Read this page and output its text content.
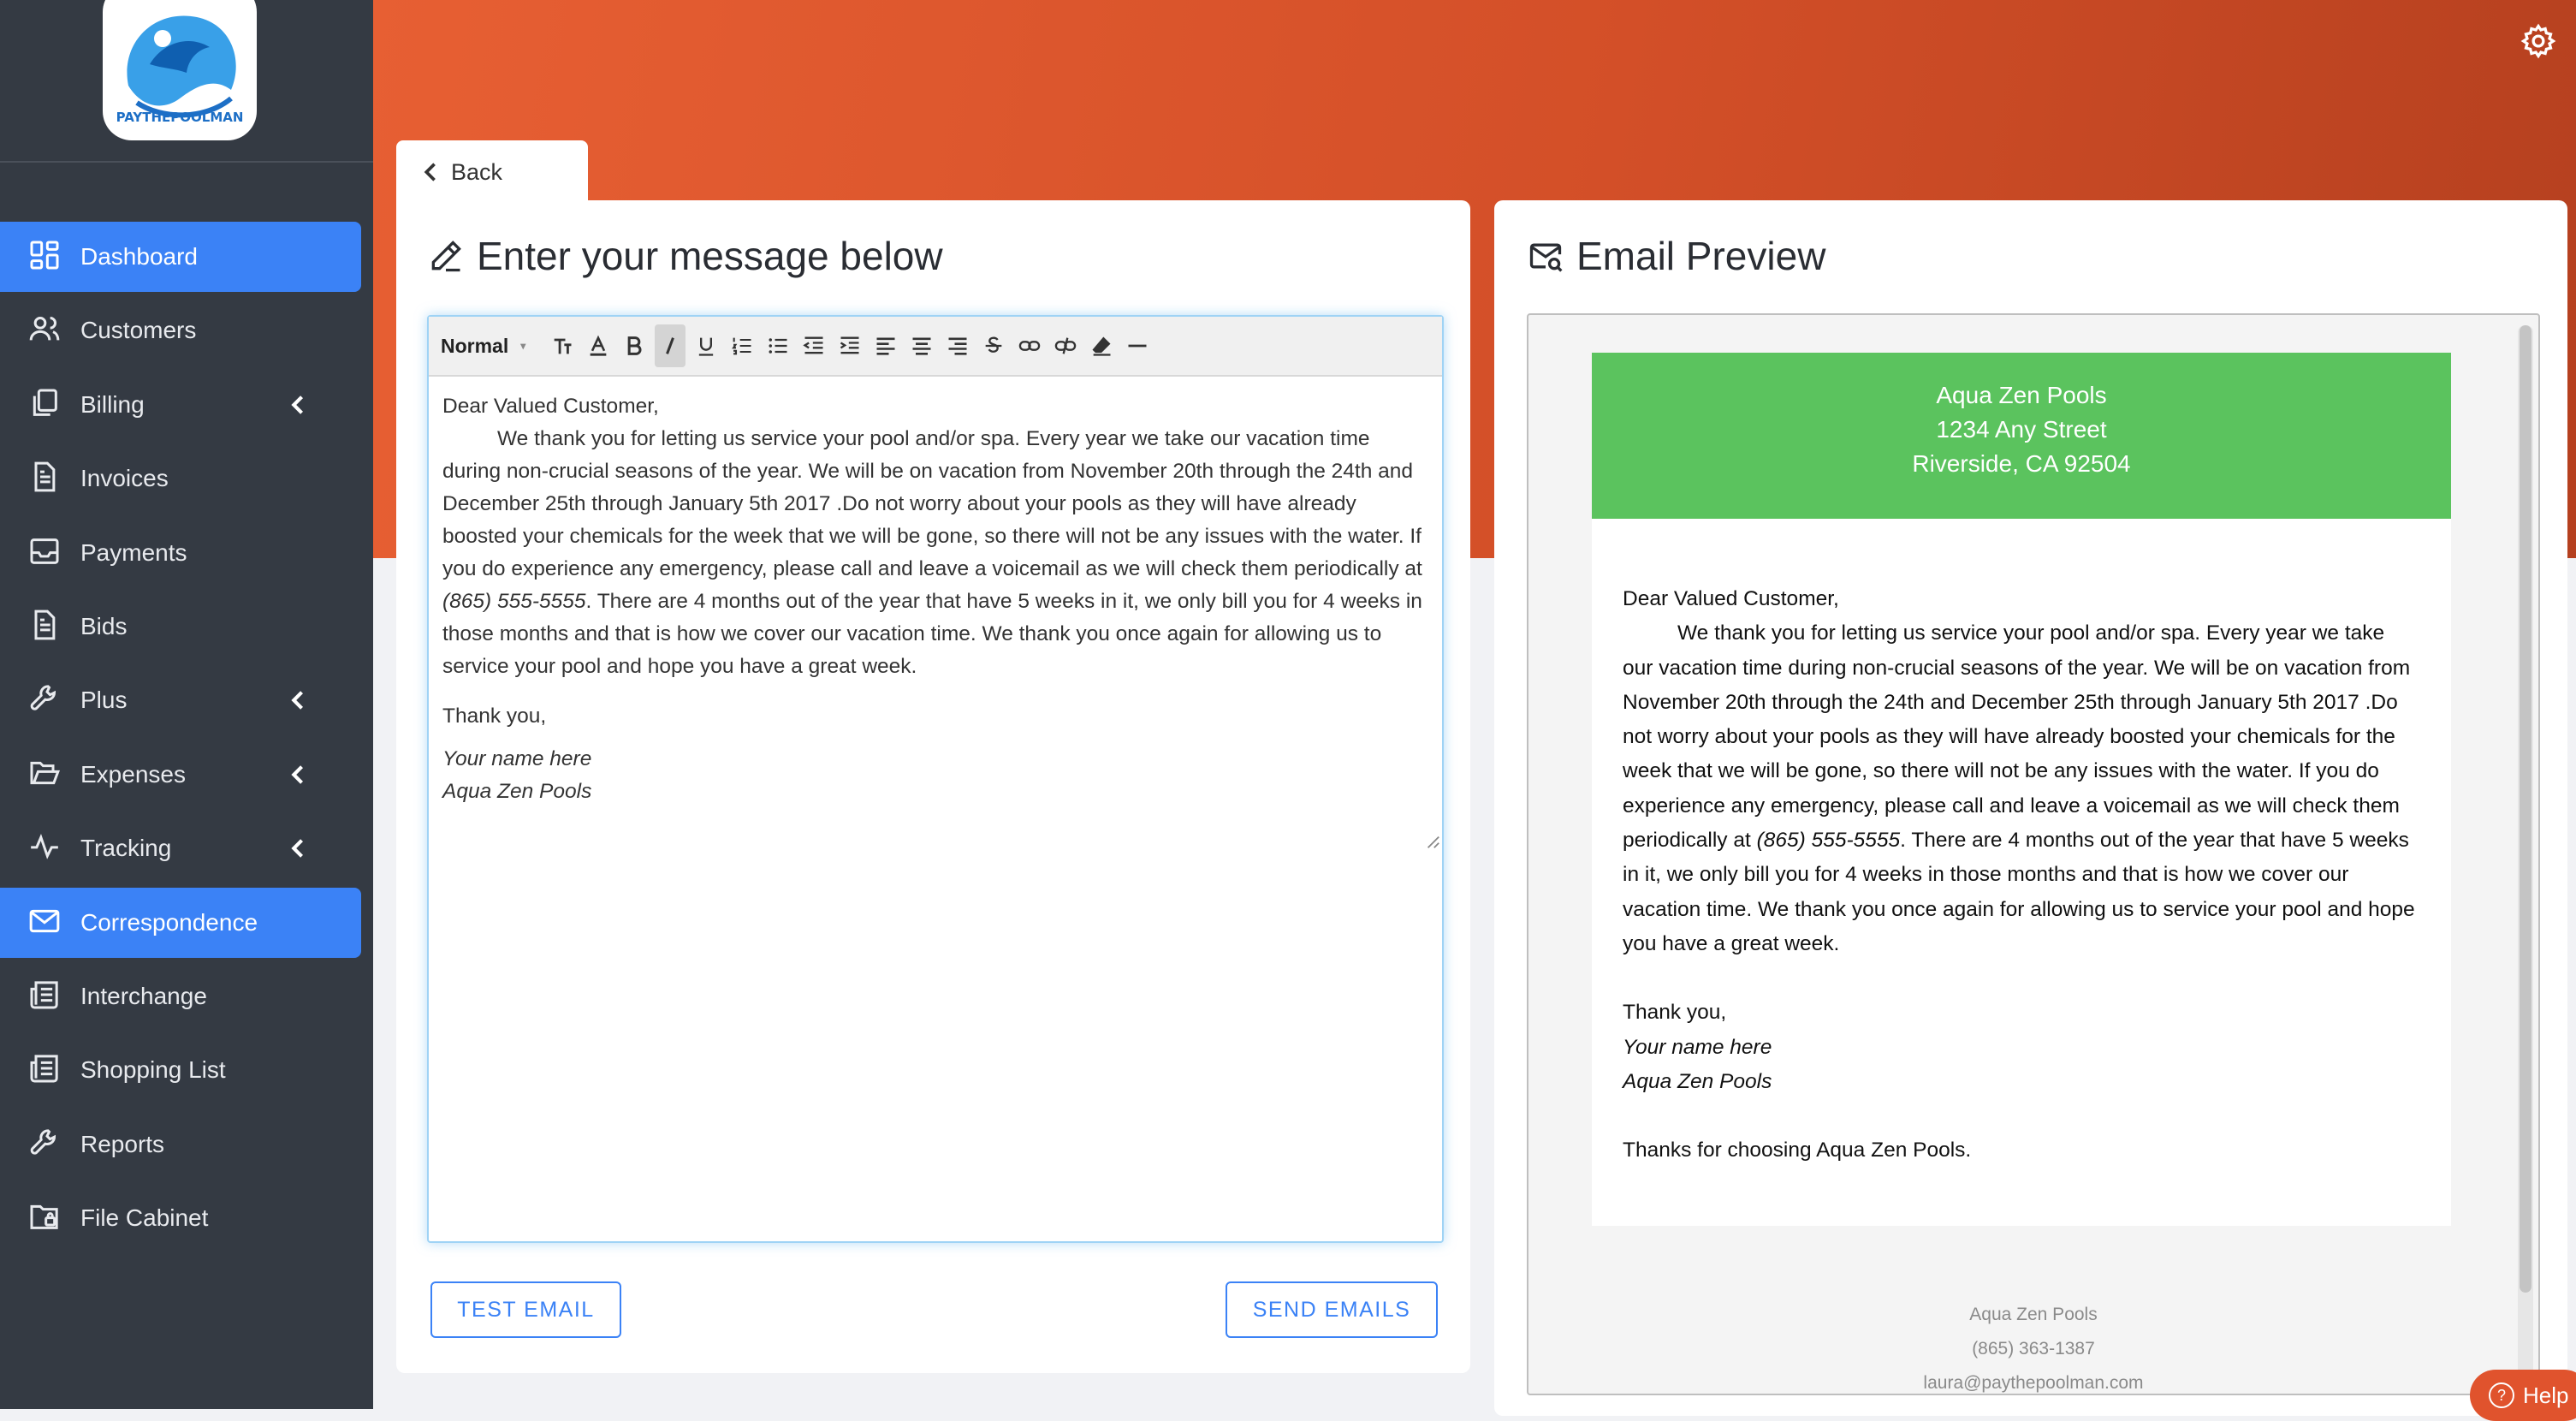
PAYTHEPOOLMAN
Dashboard
Customers
Billing
Invoices
Payments
Bids
Plus
Expenses
Tracking
Correspondence
Interchange
Shopping List
Reports
File Cabinet
Back
Enter your message below
Normal ▾

Dear Valued Customer,

We thank you for letting us service your pool and/or spa. Every year we take our vacation time during non-crucial seasons of the year. We will be on vacation from November 20th through the 24th and December 25th through January 5th 2017 .Do not worry about your pools as they will have already boosted your chemicals for the week that we will be gone, so there will not be any issues with the water. If you do experience any emergency, please call and leave a voicemail as we will check them periodically at (865) 555-5555. There are 4 months out of the year that have 5 weeks in it, we only bill you for 4 weeks in those months and that is how we cover our vacation time. We thank you once again for allowing us to service your pool and hope you have a great week.

Thank you,

Your name here

Aqua Zen Pools

TEST EMAIL	SEND EMAILS
Email Preview
Aqua Zen Pools
1234 Any Street
Riverside, CA 92504

Dear Valued Customer,

We thank you for letting us service your pool and/or spa. Every year we take our vacation time during non-crucial seasons of the year. We will be on vacation from November 20th through the 24th and December 25th through January 5th 2017 .Do not worry about your pools as they will have already boosted your chemicals for the week that we will be gone, so there will not be any issues with the water. If you do experience any emergency, please call and leave a voicemail as we will check them periodically at (865) 555-5555. There are 4 months out of the year that have 5 weeks in it, we only bill you for 4 weeks in those months and that is how we cover our vacation time. We thank you once again for allowing us to service your pool and hope you have a great week.

Thank you,

Your name here

Aqua Zen Pools

Thanks for choosing Aqua Zen Pools.

Aqua Zen Pools
(865) 363-1387
laura@paythepoolman.com
? Help
